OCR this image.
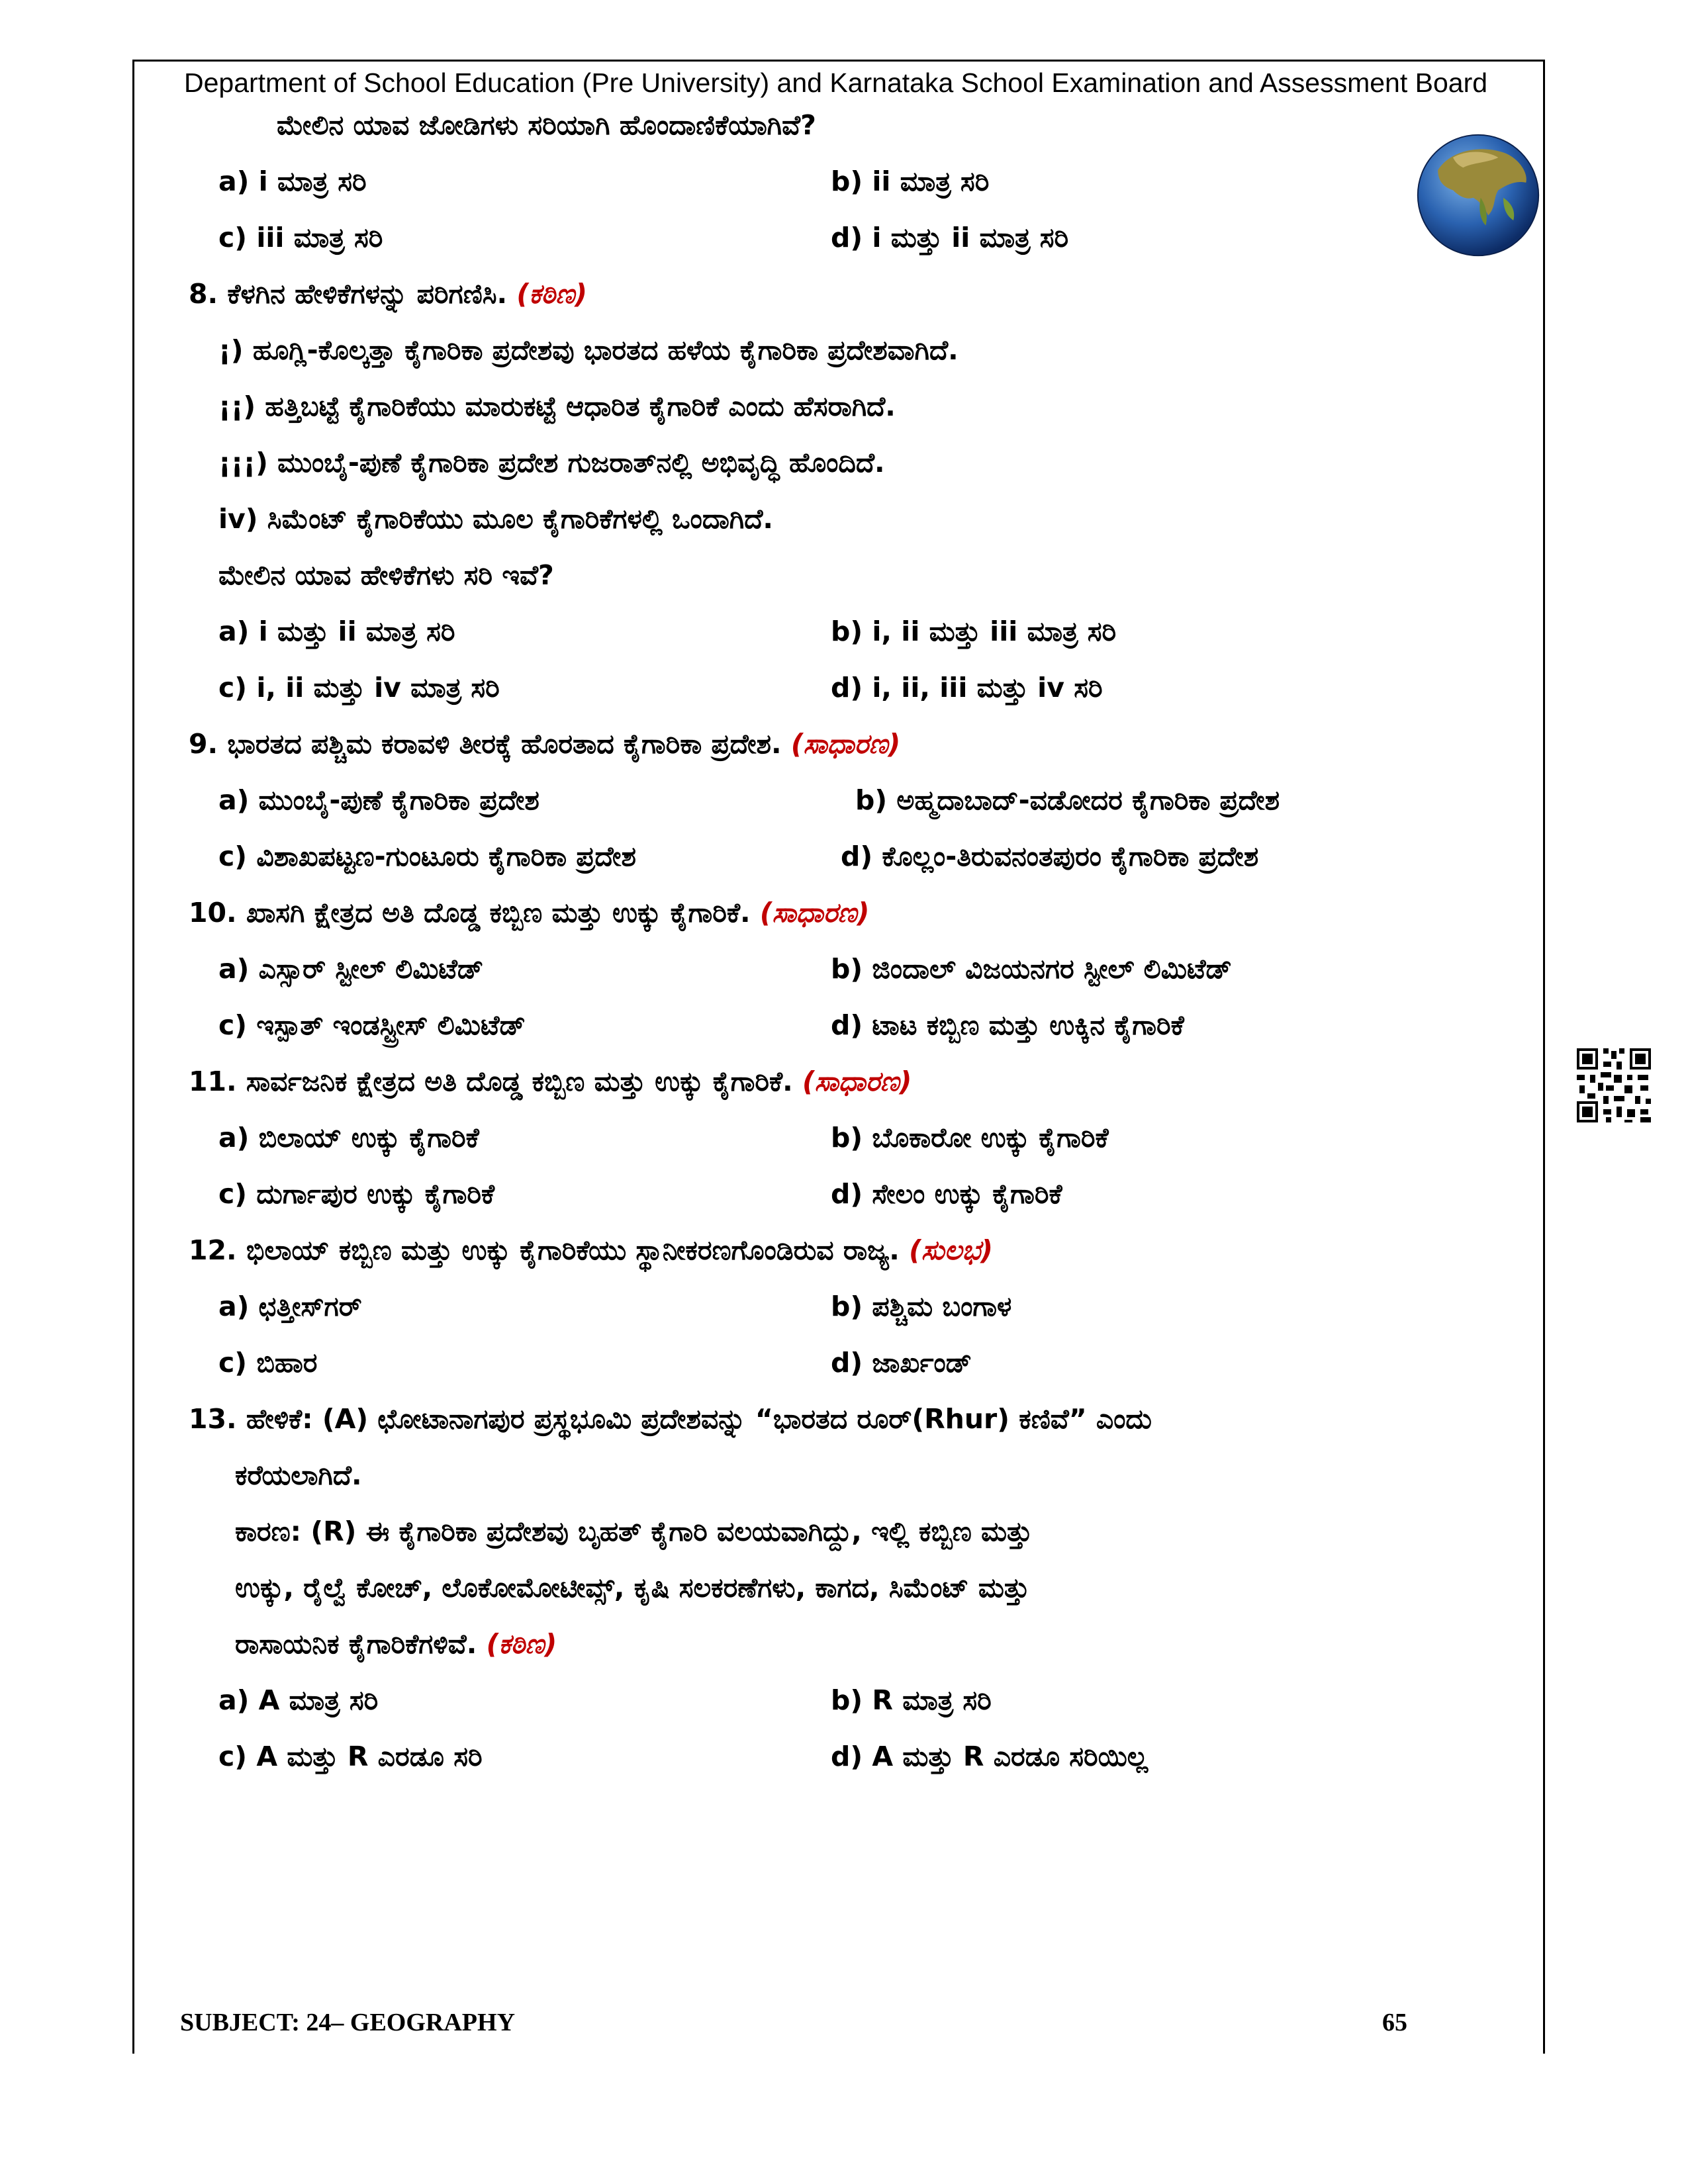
Department of School Education (Pre University) and Karnataka School Examination and Assessment Board
ಮೇಲಿನ ಯಾವ ಜೋಡಿಗಳು ಸರಿಯಾಗಿ ಹೊಂದಾಣಿಕೆಯಾಗಿವೆ?
a) i ಮಾತ್ರ ಸರಿ	b) ii ಮಾತ್ರ ಸರಿ
c) iii ಮಾತ್ರ ಸರಿ	d) i ಮತ್ತು ii ಮಾತ್ರ ಸರಿ
8. ಕೆಳಗಿನ ಹೇಳಿಕೆಗಳನ್ನು ಪರಿಗಣಿಸಿ. (ಕಠಿಣ)
¡) ಹೂಗ್ಲಿ-ಕೊಲ್ಕತ್ತಾ ಕೈಗಾರಿಕಾ ಪ್ರದೇಶವು ಭಾರತದ ಹಳೆಯ ಕೈಗಾರಿಕಾ ಪ್ರದೇಶವಾಗಿದೆ.
¡¡) ಹತ್ತಿಬಟ್ಟೆ ಕೈಗಾರಿಕೆಯು ಮಾರುಕಟ್ಟೆ ಆಧಾರಿತ ಕೈಗಾರಿಕೆ ಎಂದು ಹೆಸರಾಗಿದೆ.
¡¡¡) ಮುಂಬೈ-ಪುಣೆ ಕೈಗಾರಿಕಾ ಪ್ರದೇಶ ಗುಜರಾತ್‌ನಲ್ಲಿ ಅಭಿವೃದ್ಧಿ ಹೊಂದಿದೆ.
iv) ಸಿಮೆಂಟ್ ಕೈಗಾರಿಕೆಯು ಮೂಲ ಕೈಗಾರಿಕೆಗಳಲ್ಲಿ ಒಂದಾಗಿದೆ.
ಮೇಲಿನ ಯಾವ ಹೇಳಿಕೆಗಳು ಸರಿ ಇವೆ?
a) i ಮತ್ತು ii ಮಾತ್ರ ಸರಿ	b) i, ii ಮತ್ತು iii ಮಾತ್ರ ಸರಿ
c) i, ii ಮತ್ತು iv ಮಾತ್ರ ಸರಿ	d) i, ii, iii ಮತ್ತು iv ಸರಿ
9. ಭಾರತದ ಪಶ್ಚಿಮ ಕರಾವಳಿ ತೀರಕ್ಕೆ ಹೊರತಾದ ಕೈಗಾರಿಕಾ ಪ್ರದೇಶ. (ಸಾಧಾರಣ)
a) ಮುಂಬೈ-ಪುಣೆ ಕೈಗಾರಿಕಾ ಪ್ರದೇಶ	b) ಅಹ್ಮದಾಬಾದ್-ವಡೋದರ ಕೈಗಾರಿಕಾ ಪ್ರದೇಶ
c) ವಿಶಾಖಪಟ್ಟಣ-ಗುಂಟೂರು ಕೈಗಾರಿಕಾ ಪ್ರದೇಶ	d) ಕೊಲ್ಲಂ-ತಿರುವನಂತಪುರಂ ಕೈಗಾರಿಕಾ ಪ್ರದೇಶ
10. ಖಾಸಗಿ ಕ್ಷೇತ್ರದ ಅತಿ ದೊಡ್ಡ ಕಬ್ಬಿಣ ಮತ್ತು ಉಕ್ಕು ಕೈಗಾರಿಕೆ. (ಸಾಧಾರಣ)
a) ಎಸ್ಸಾರ್ ಸ್ಟೀಲ್ ಲಿಮಿಟೆಡ್	b) ಜಿಂದಾಲ್ ವಿಜಯನಗರ ಸ್ಟೀಲ್ ಲಿಮಿಟೆಡ್
c) ಇಸ್ಪಾತ್ ಇಂಡಸ್ಟ್ರೀಸ್ ಲಿಮಿಟೆಡ್	d) ಟಾಟ ಕಬ್ಬಿಣ ಮತ್ತು ಉಕ್ಕಿನ ಕೈಗಾರಿಕೆ
11. ಸಾರ್ವಜನಿಕ ಕ್ಷೇತ್ರದ ಅತಿ ದೊಡ್ಡ ಕಬ್ಬಿಣ ಮತ್ತು ಉಕ್ಕು ಕೈಗಾರಿಕೆ. (ಸಾಧಾರಣ)
a) ಬಿಲಾಯ್ ಉಕ್ಕು ಕೈಗಾರಿಕೆ	b) ಬೊಕಾರೋ ಉಕ್ಕು ಕೈಗಾರಿಕೆ
c) ದುರ್ಗಾಪುರ ಉಕ್ಕು ಕೈಗಾರಿಕೆ	d) ಸೇಲಂ ಉಕ್ಕು ಕೈಗಾರಿಕೆ
12. ಭಿಲಾಯ್ ಕಬ್ಬಿಣ ಮತ್ತು ಉಕ್ಕು ಕೈಗಾರಿಕೆಯು ಸ್ಥಾನೀಕರಣಗೊಂಡಿರುವ ರಾಜ್ಯ. (ಸುಲಭ)
a) ಛತ್ತೀಸ್‌ಗರ್	b) ಪಶ್ಚಿಮ ಬಂಗಾಳ
c) ಬಿಹಾರ	d) ಜಾರ್ಖಂಡ್
13. ಹೇಳಿಕೆ: (A) ಛೋಟಾನಾಗಪುರ ಪ್ರಸ್ಥಭೂಮಿ ಪ್ರದೇಶವನ್ನು “ಭಾರತದ ರೂರ್(Rhur) ಕಣಿವೆ” ಎಂದು
ಕರೆಯಲಾಗಿದೆ.
ಕಾರಣ: (R) ಈ ಕೈಗಾರಿಕಾ ಪ್ರದೇಶವು ಬೃಹತ್ ಕೈಗಾರಿ ವಲಯವಾಗಿದ್ದು, ಇಲ್ಲಿ ಕಬ್ಬಿಣ ಮತ್ತು
ಉಕ್ಕು, ರೈಲ್ವೆ ಕೋಚ್, ಲೊಕೋಮೋಟೀವ್ಸ್, ಕೃಷಿ ಸಲಕರಣೆಗಳು, ಕಾಗದ, ಸಿಮೆಂಟ್ ಮತ್ತು
ರಾಸಾಯನಿಕ ಕೈಗಾರಿಕೆಗಳಿವೆ. (ಕಠಿಣ)
a) A ಮಾತ್ರ ಸರಿ	b) R ಮಾತ್ರ ಸರಿ
c) A ಮತ್ತು R ಎರಡೂ ಸರಿ	d) A ಮತ್ತು R ಎರಡೂ ಸರಿಯಿಲ್ಲ
SUBJECT: 24– GEOGRAPHY	65
